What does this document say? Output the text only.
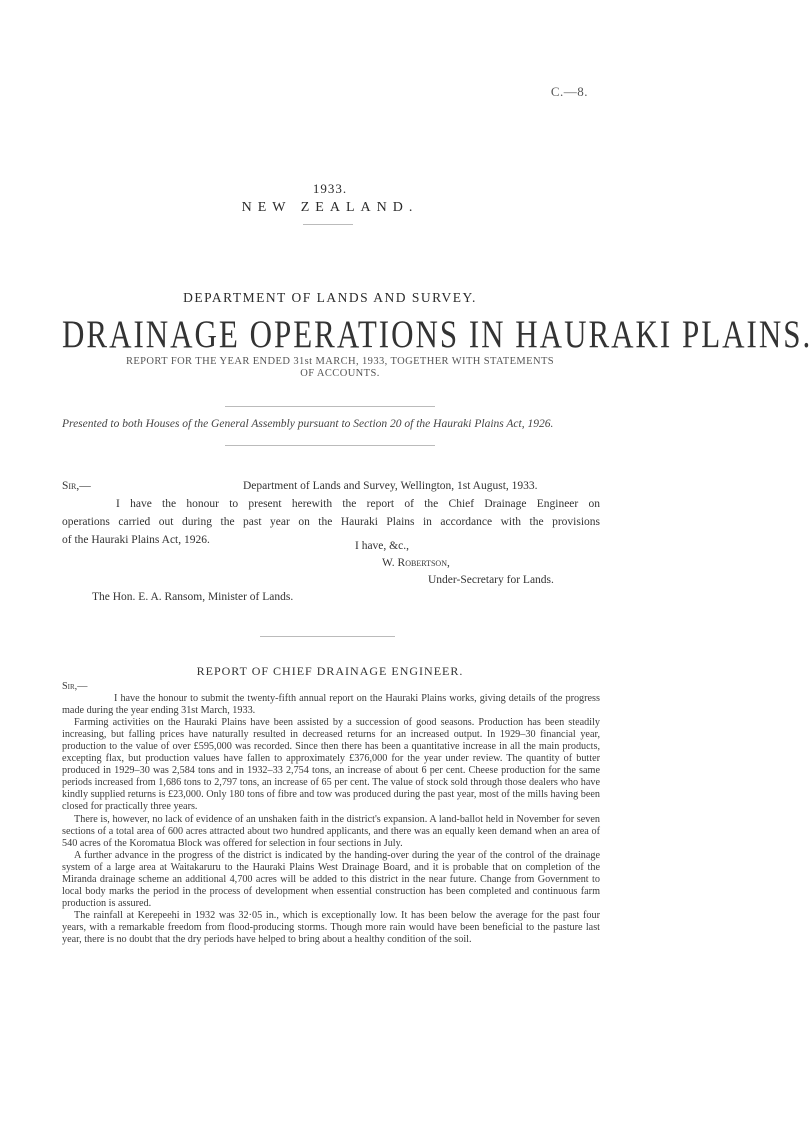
C.—8.
1933.
NEW ZEALAND.
DEPARTMENT OF LANDS AND SURVEY.
DRAINAGE OPERATIONS IN HAURAKI PLAINS.
REPORT FOR THE YEAR ENDED 31st MARCH, 1933, TOGETHER WITH STATEMENTS
OF ACCOUNTS.
Presented to both Houses of the General Assembly pursuant to Section 20 of the Hauraki Plains Act, 1926.
Sir,—	Department of Lands and Survey, Wellington, 1st August, 1933.
I have the honour to present herewith the report of the Chief Drainage Engineer on
operations carried out during the past year on the Hauraki Plains in accordance with the provisions
of the Hauraki Plains Act, 1926.	I have, &c.,
W. Robertson,
Under-Secretary for Lands.
The Hon. E. A. Ransom, Minister of Lands.
REPORT OF CHIEF DRAINAGE ENGINEER.
Sir,—

I have the honour to submit the twenty-fifth annual report on the Hauraki Plains works, giving details of the progress made during the year ending 31st March, 1933.

Farming activities on the Hauraki Plains have been assisted by a succession of good seasons. Production has been steadily increasing, but falling prices have naturally resulted in decreased returns for an increased output. In 1929–30 financial year, production to the value of over £595,000 was recorded. Since then there has been a quantitative increase in all the main products, excepting flax, but production values have fallen to approximately £376,000 for the year under review. The quantity of butter produced in 1929–30 was 2,584 tons and in 1932–33 2,754 tons, an increase of about 6 per cent. Cheese production for the same periods increased from 1,686 tons to 2,797 tons, an increase of 65 per cent. The value of stock sold through those dealers who have kindly supplied returns is £23,000. Only 180 tons of fibre and tow was produced during the past year, most of the mills having been closed for practically three years.

There is, however, no lack of evidence of an unshaken faith in the district's expansion. A land-ballot held in November for seven sections of a total area of 600 acres attracted about two hundred applicants, and there was an equally keen demand when an area of 540 acres of the Koromatua Block was offered for selection in four sections in July.

A further advance in the progress of the district is indicated by the handing-over during the year of the control of the drainage system of a large area at Waitakaruru to the Hauraki Plains West Drainage Board, and it is probable that on completion of the Miranda drainage scheme an additional 4,700 acres will be added to this district in the near future. Change from Government to local body marks the period in the process of development when essential construction has been completed and continuous farm production is assured.

The rainfall at Kerepeehi in 1932 was 32·05 in., which is exceptionally low. It has been below the average for the past four years, with a remarkable freedom from flood-producing storms. Though more rain would have been beneficial to the pasture last year, there is no doubt that the dry periods have helped to bring about a healthy condition of the soil.
